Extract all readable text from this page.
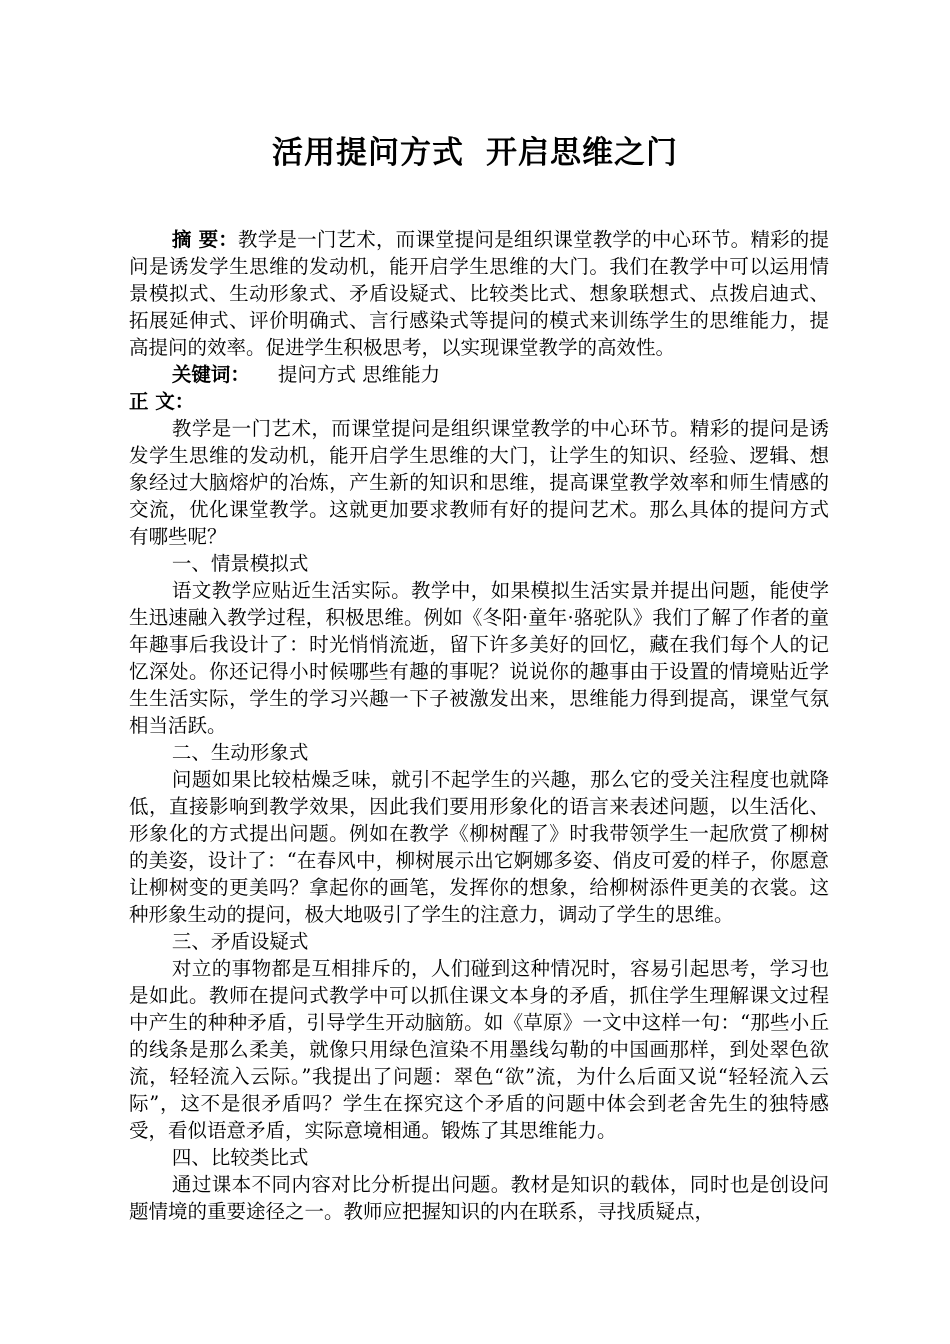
活用提问方式 开启思维之门

摘 要：教学是一门艺术，而课堂提问是组织课堂教学的中心环节。精彩的提问是诱发学生思维的发动机，能开启学生思维的大门。我们在教学中可以运用情景模拟式、生动形象式、矛盾设疑式、比较类比式、想象联想式、点拨启迪式、拓展延伸式、评价明确式、言行感染式等提问的模式来训练学生的思维能力，提高提问的效率。促进学生积极思考，以实现课堂教学的高效性。

关键词： 提问方式 思维能力

正 文：

教学是一门艺术，而课堂提问是组织课堂教学的中心环节。精彩的提问是诱发学生思维的发动机，能开启学生思维的大门，让学生的知识、经验、逻辑、想象经过大脑熔炉的冶炼，产生新的知识和思维，提高课堂教学效率和师生情感的交流，优化课堂教学。这就更加要求教师有好的提问艺术。那么具体的提问方式有哪些呢？

一、情景模拟式

语文教学应贴近生活实际。教学中，如果模拟生活实景并提出问题，能使学生迅速融入教学过程，积极思维。例如《冬阳·童年·骆驼队》我们了解了作者的童年趣事后我设计了：时光悄悄流逝，留下许多美好的回忆，藏在我们每个人的记忆深处。你还记得小时候哪些有趣的事呢？说说你的趣事由于设置的情境贴近学生生活实际，学生的学习兴趣一下子被激发出来，思维能力得到提高，课堂气氛相当活跃。

二、生动形象式

问题如果比较枯燥乏味，就引不起学生的兴趣，那么它的受关注程度也就降低，直接影响到教学效果，因此我们要用形象化的语言来表述问题，以生活化、形象化的方式提出问题。例如在教学《柳树醒了》时我带领学生一起欣赏了柳树的美姿，设计了：“在春风中，柳树展示出它婀娜多姿、俏皮可爱的样子，你愿意让柳树变的更美吗？拿起你的画笔，发挥你的想象，给柳树添件更美的衣裳。这种形象生动的提问，极大地吸引了学生的注意力，调动了学生的思维。

三、矛盾设疑式

对立的事物都是互相排斥的，人们碰到这种情况时，容易引起思考，学习也是如此。教师在提问式教学中可以抓住课文本身的矛盾，抓住学生理解课文过程中产生的种种矛盾，引导学生开动脑筋。如《草原》一文中这样一句：“那些小丘的线条是那么柔美，就像只用绿色渲染不用墨线勾勒的中国画那样，到处翠色欲流，轻轻流入云际。”我提出了问题：翠色“欲”流，为什么后面又说“轻轻流入云际”，这不是很矛盾吗？学生在探究这个矛盾的问题中体会到老舍先生的独特感受，看似语意矛盾，实际意境相通。锻炼了其思维能力。

四、比较类比式

通过课本不同内容对比分析提出问题。教材是知识的载体，同时也是创设问题情境的重要途径之一。教师应把握知识的内在联系，寻找质疑点，
